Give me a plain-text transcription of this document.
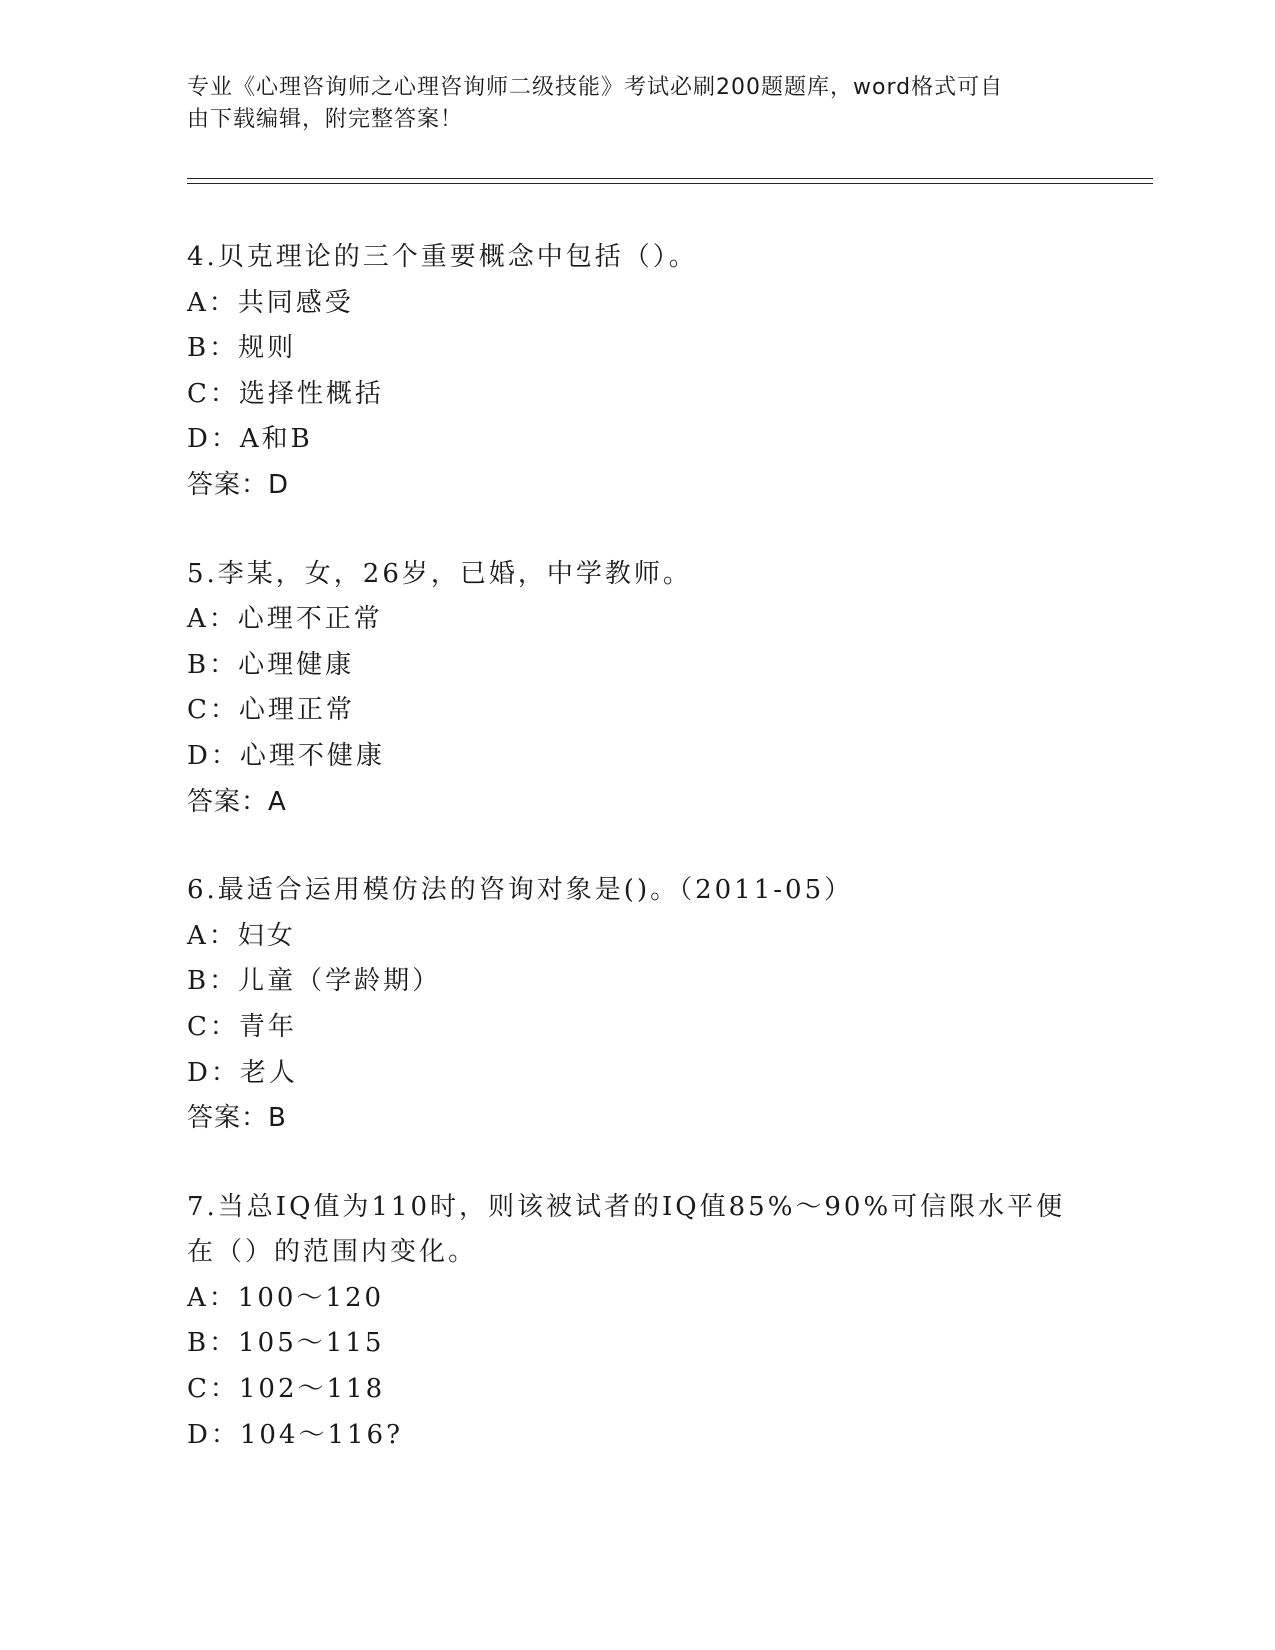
专业《心理咨询师之心理咨询师二级技能》考试必刷200题题库，word格式可自
由下载编辑，附完整答案！
4.贝克理论的三个重要概念中包括（）。
A：共同感受
B：规则
C：选择性概括
D：A和B
答案：D
5.李某，女，26岁，已婚，中学教师。
A：心理不正常
B：心理健康
C：心理正常
D：心理不健康
答案：A
6.最适合运用模仿法的咨询对象是()。（2011-05）
A：妇女
B：儿童（学龄期）
C：青年
D：老人
答案：B
7.当总IQ值为110时，则该被试者的IQ值85%～90%可信限水平便
在（）的范围内变化。
A：100～120
B：105～115
C：102～118
D：104～116?
